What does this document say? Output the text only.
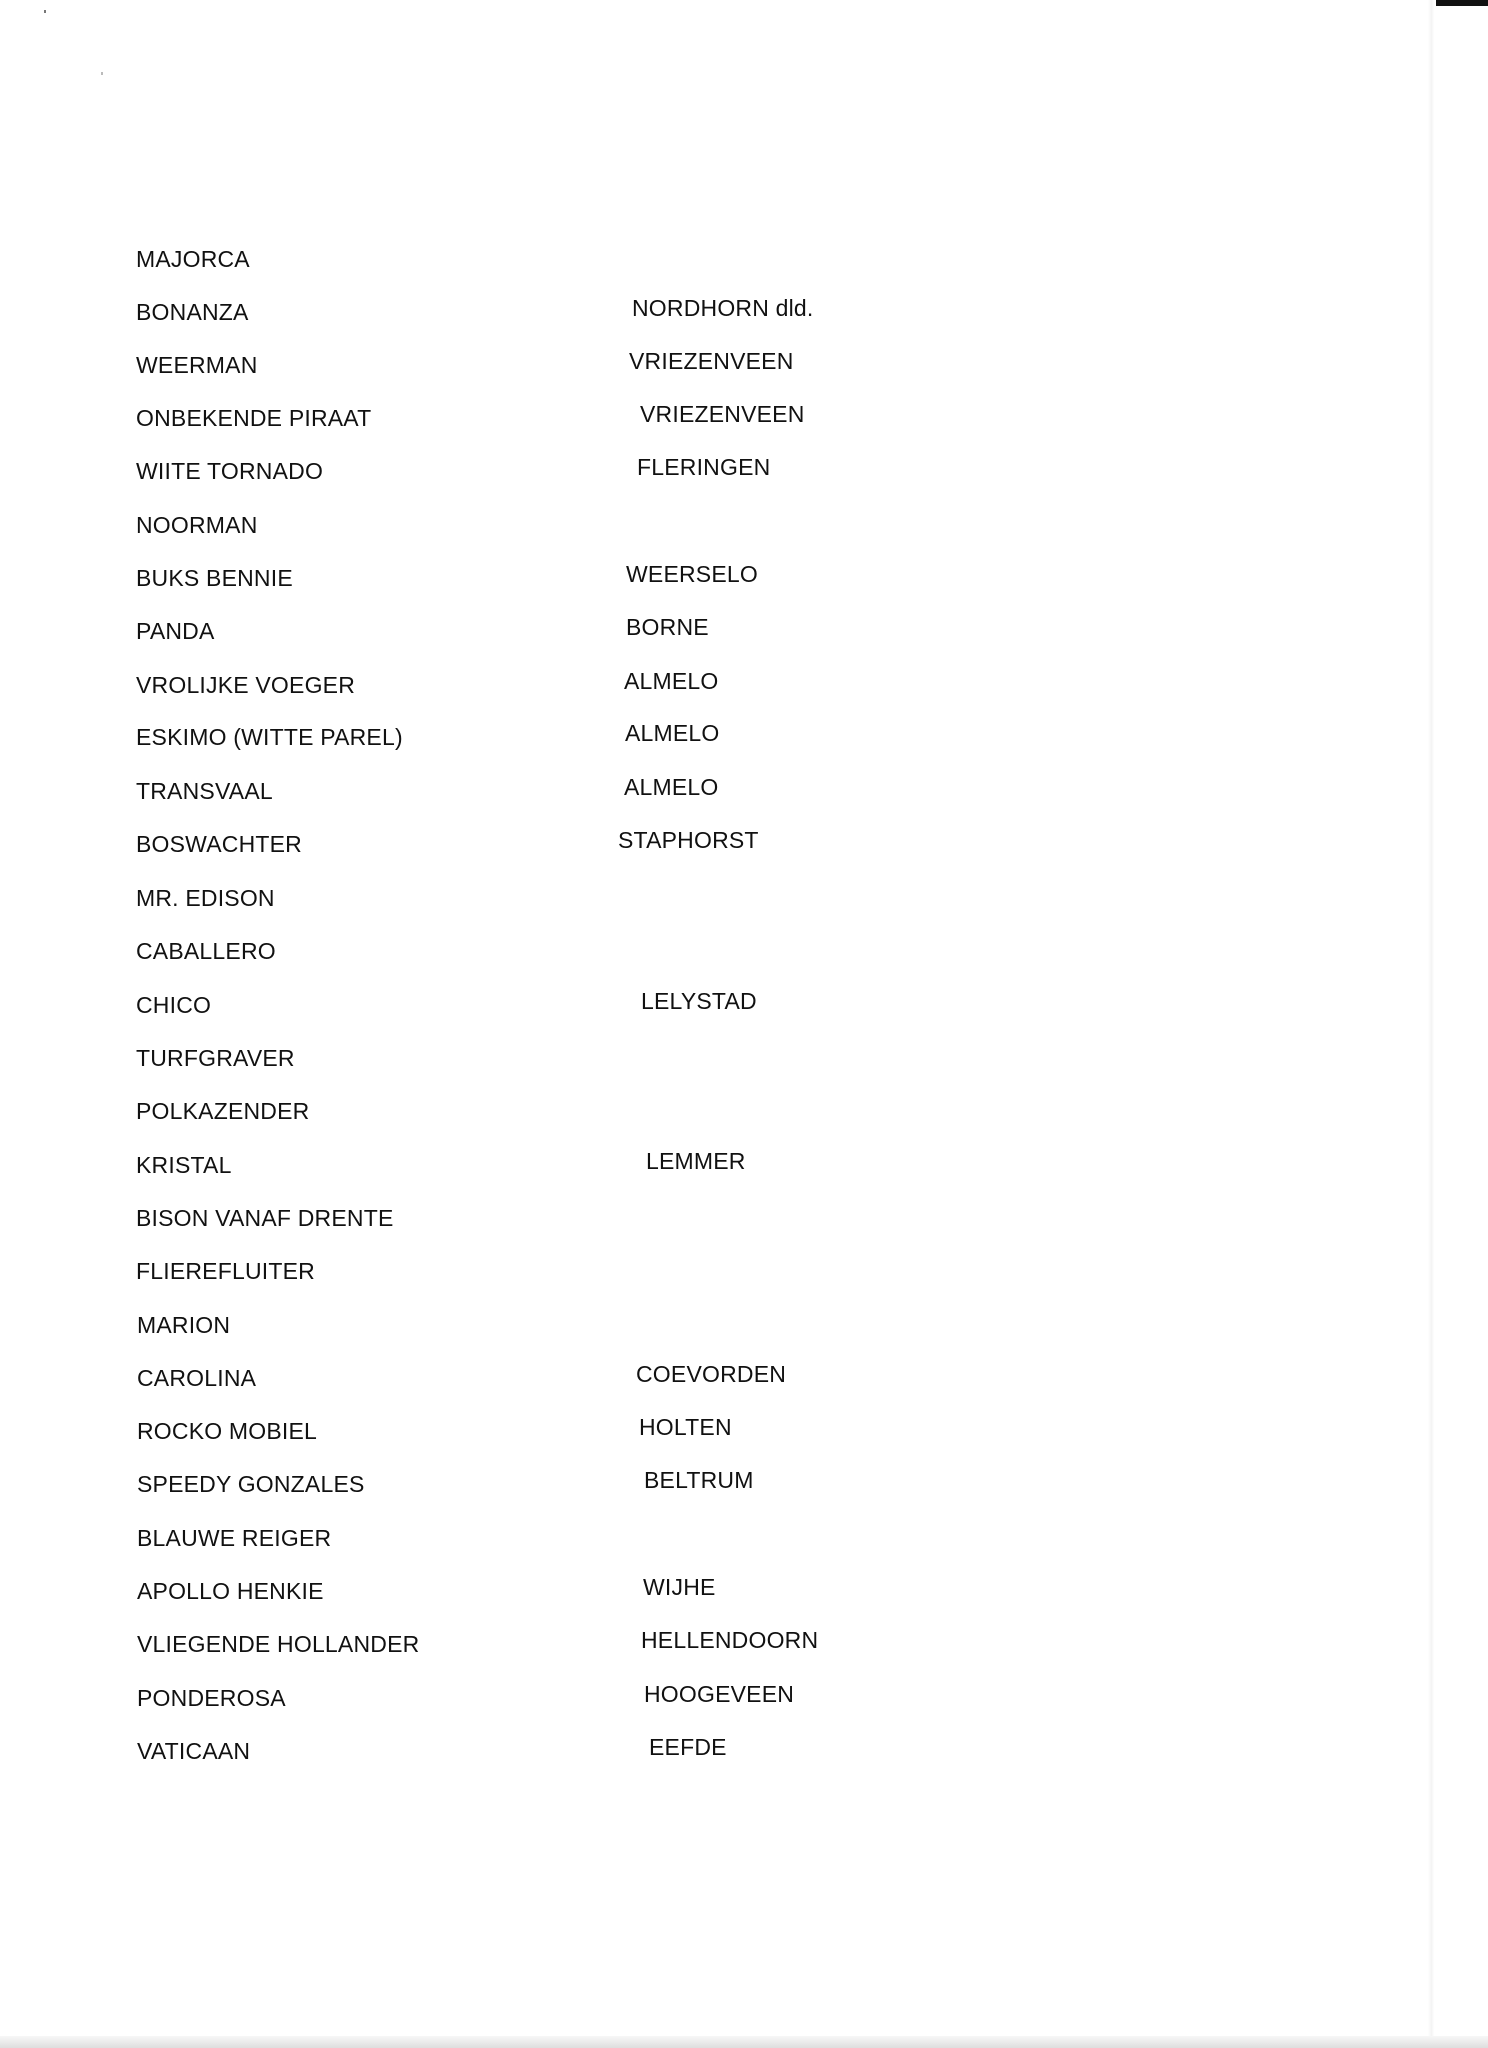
MAJORCA
BONANZA	NORDHORN dld.
WEERMAN	VRIEZENVEEN
ONBEKENDE PIRAAT	VRIEZENVEEN
WIITE TORNADO	FLERINGEN
NOORMAN
BUKS BENNIE	WEERSELO
PANDA	BORNE
VROLIJKE VOEGER	ALMELO
ESKIMO (WITTE PAREL)	ALMELO
TRANSVAAL	ALMELO
BOSWACHTER	STAPHORST
MR. EDISON
CABALLERO
CHICO	LELYSTAD
TURFGRAVER
POLKAZENDER
KRISTAL	LEMMER
BISON VANAF DRENTE
FLIEREFLUITER
MARION
CAROLINA	COEVORDEN
ROCKO MOBIEL	HOLTEN
SPEEDY GONZALES	BELTRUM
BLAUWE REIGER
APOLLO HENKIE	WIJHE
VLIEGENDE HOLLANDER	HELLENDOORN
PONDEROSA	HOOGEVEEN
VATICAAN	EEFDE
